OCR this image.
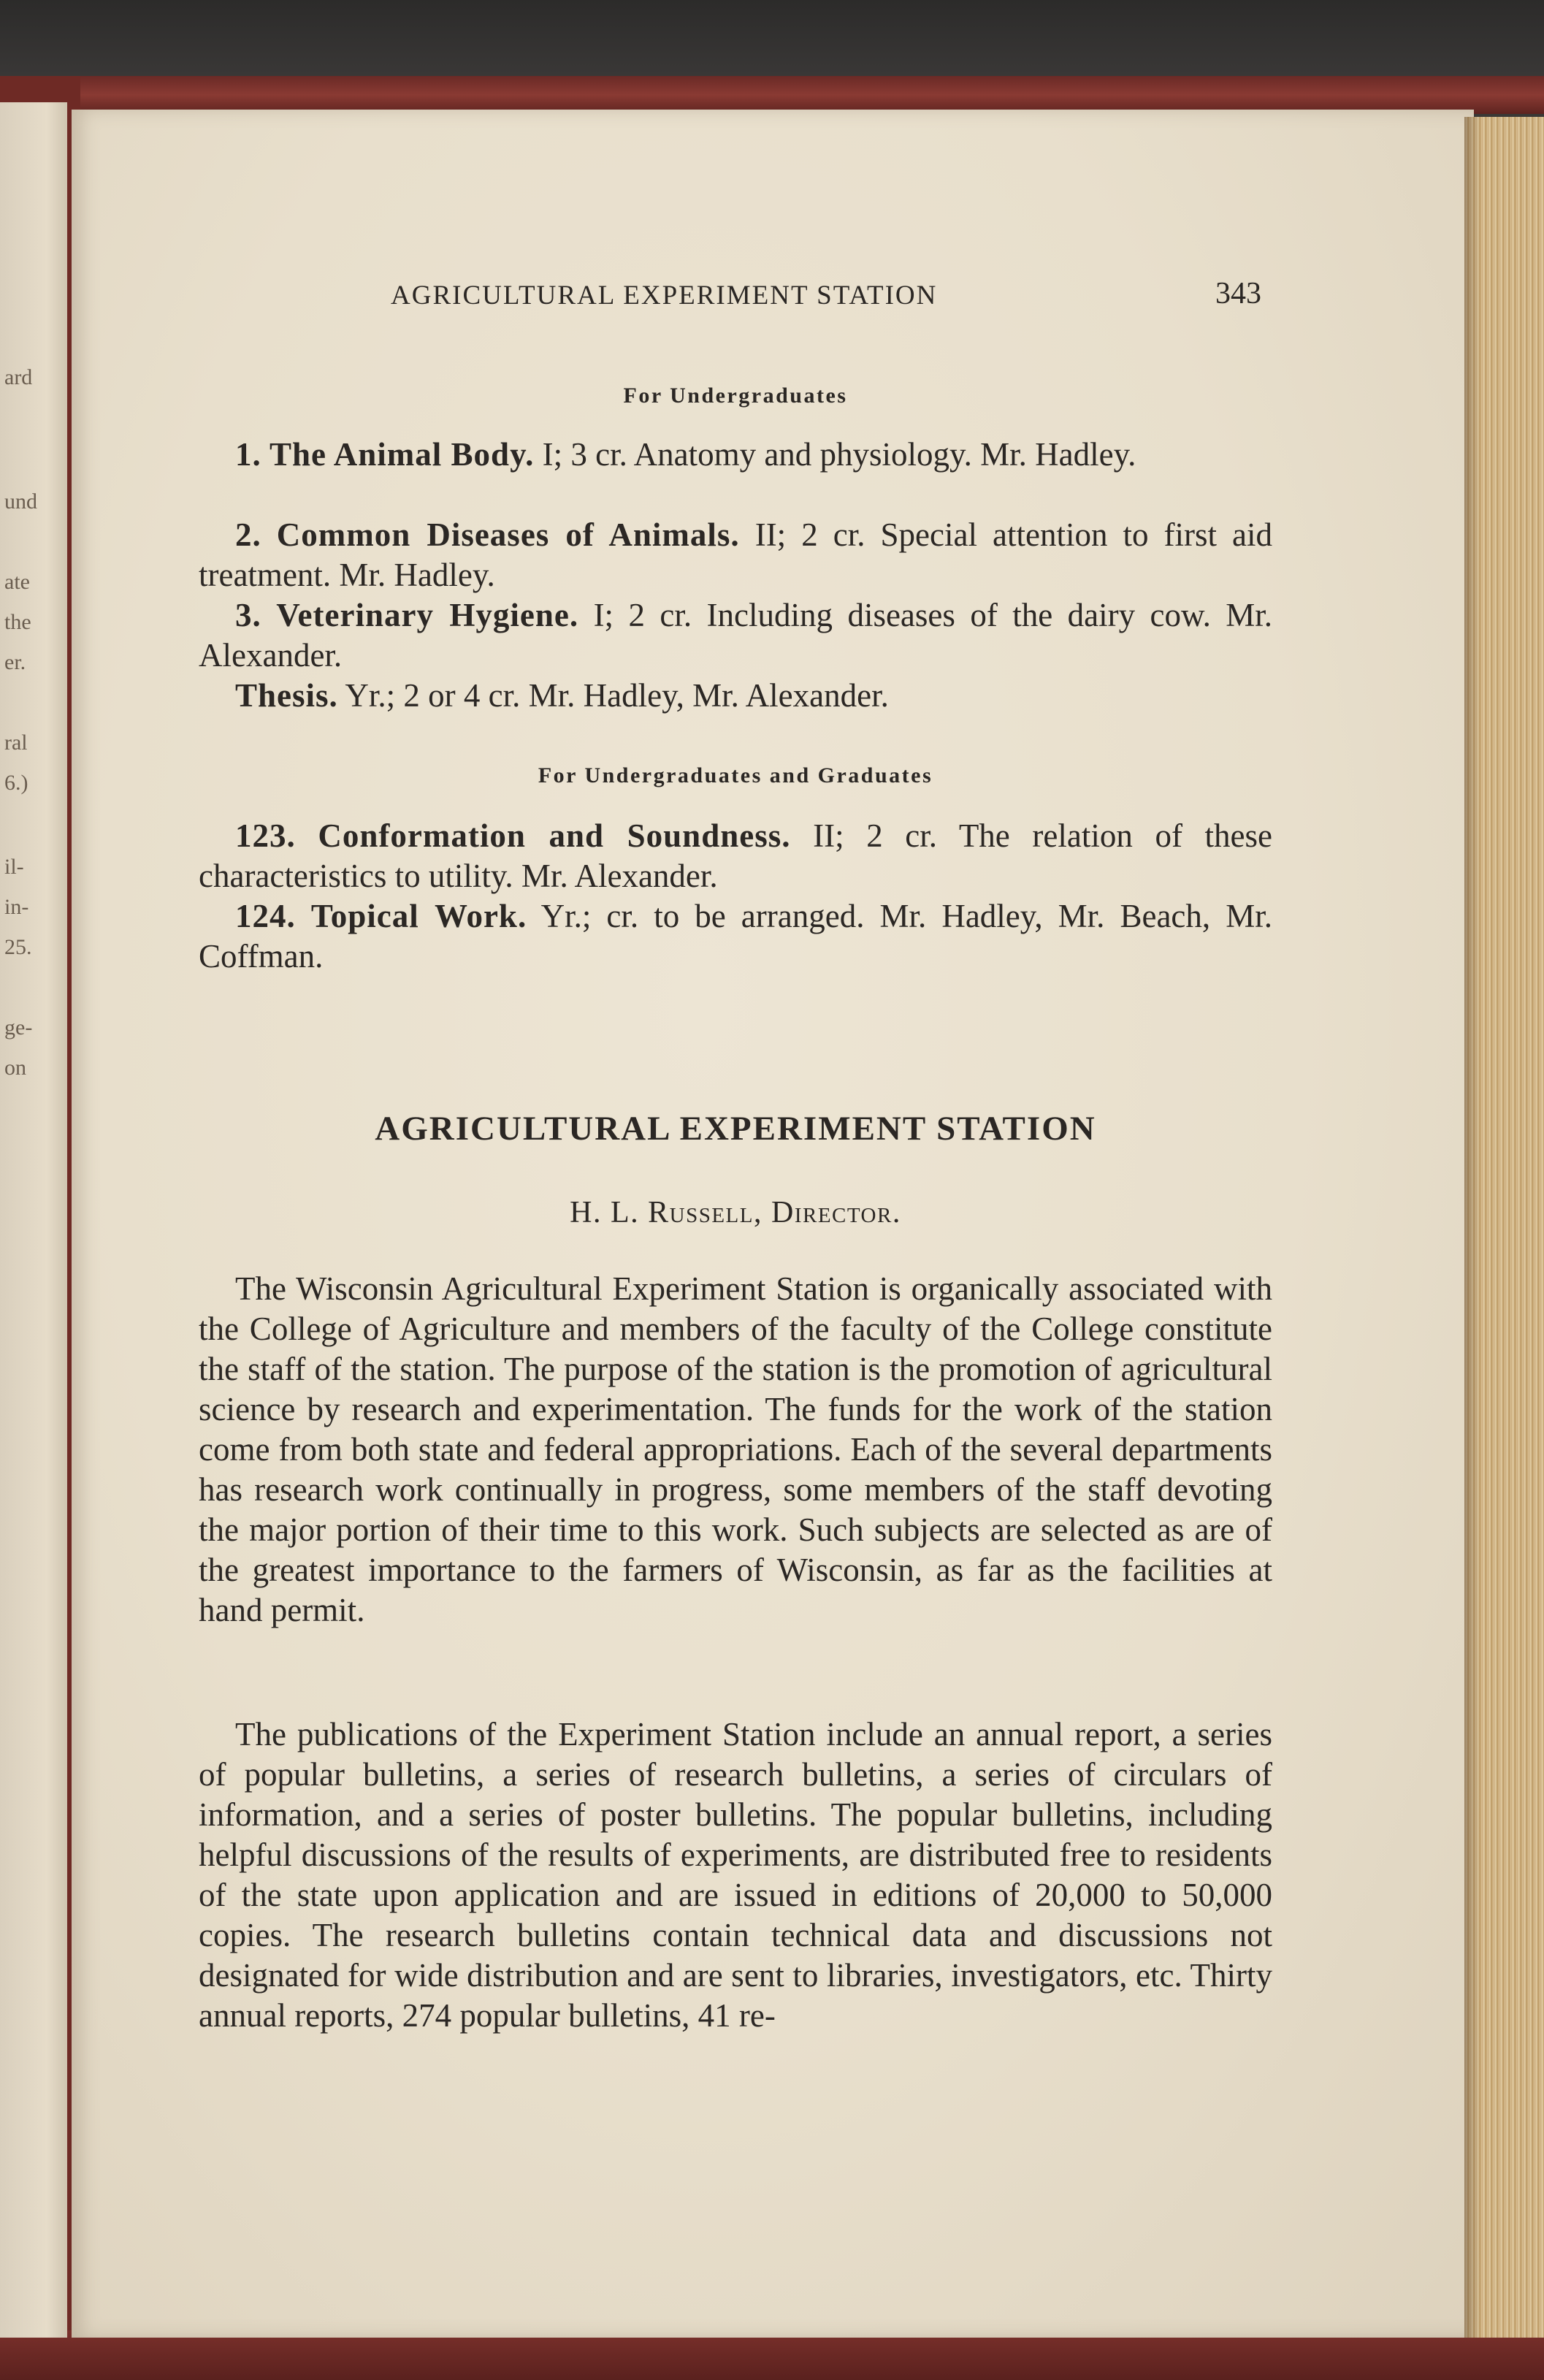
ard
und
ate
the
er.
ral
6.)
il-
in-
25.
ge-
on
AGRICULTURAL EXPERIMENT STATION	343
For Undergraduates

1. The Animal Body. I; 3 cr. Anatomy and physiology. Mr. Hadley.

2. Common Diseases of Animals. II; 2 cr. Special attention to first aid treatment. Mr. Hadley.

3. Veterinary Hygiene. I; 2 cr. Including diseases of the dairy cow. Mr. Alexander.

Thesis. Yr.; 2 or 4 cr. Mr. Hadley, Mr. Alexander.

For Undergraduates and Graduates

123. Conformation and Soundness. II; 2 cr. The relation of these characteristics to utility. Mr. Alexander.

124. Topical Work. Yr.; cr. to be arranged. Mr. Hadley, Mr. Beach, Mr. Coffman.

AGRICULTURAL EXPERIMENT STATION
H. L. Russell, Director.

The Wisconsin Agricultural Experiment Station is organically associated with the College of Agriculture and members of the faculty of the College constitute the staff of the station. The purpose of the station is the promotion of agricultural science by research and experimentation. The funds for the work of the station come from both state and federal appropriations. Each of the several departments has research work continually in progress, some members of the staff devoting the major portion of their time to this work. Such subjects are selected as are of the greatest importance to the farmers of Wisconsin, as far as the facilities at hand permit.

The publications of the Experiment Station include an annual report, a series of popular bulletins, a series of research bulletins, a series of circulars of information, and a series of poster bulletins. The popular bulletins, including helpful discussions of the results of experiments, are distributed free to residents of the state upon application and are issued in editions of 20,000 to 50,000 copies. The research bulletins contain technical data and discussions not designated for wide distribution and are sent to libraries, investigators, etc. Thirty annual reports, 274 popular bulletins, 41 re-
